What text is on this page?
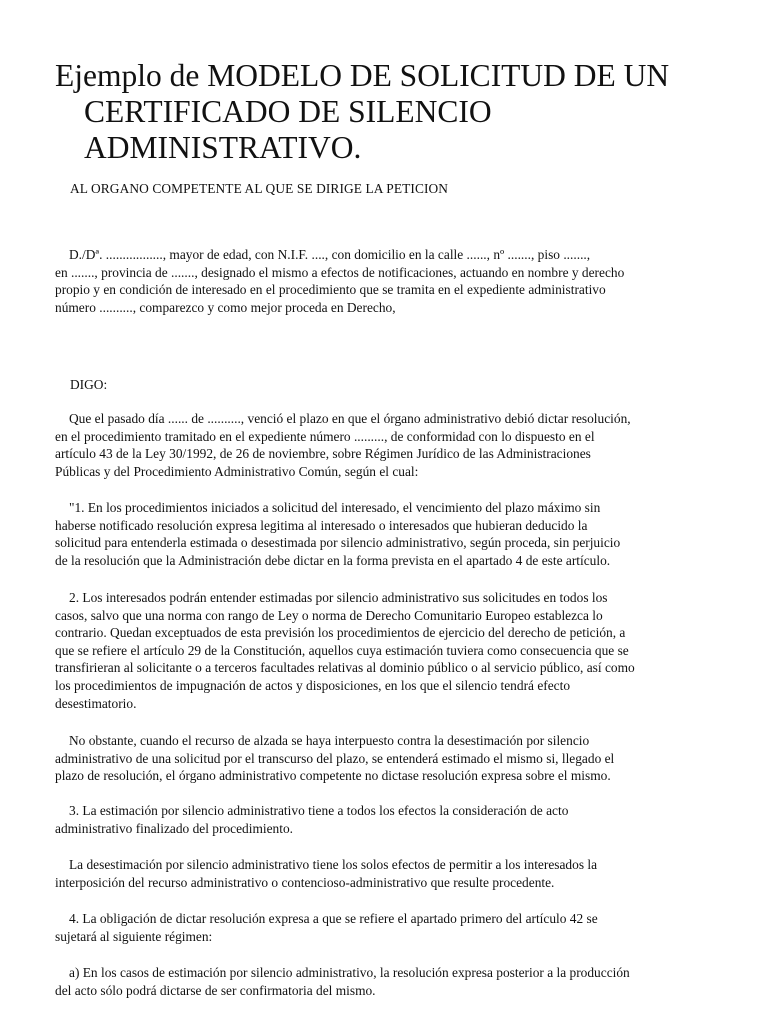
Ejemplo de MODELO DE SOLICITUD DE UN
CERTIFICADO DE SILENCIO
ADMINISTRATIVO.

AL ORGANO COMPETENTE AL QUE SE DIRIGE LA PETICION

D./Dª. ................., mayor de edad, con N.I.F. ...., con domicilio en la calle ......, nº ......., piso .......,
en ......., provincia de ......., designado el mismo a efectos de notificaciones, actuando en nombre y derecho
propio y en condición de interesado en el procedimiento que se tramita en el expediente administrativo
número .........., comparezco y como mejor proceda en Derecho,

DIGO:

Que el pasado día ...... de .........., venció el plazo en que el órgano administrativo debió dictar resolución,
en el procedimiento tramitado en el expediente número ........., de conformidad con lo dispuesto en el
artículo 43 de la Ley 30/1992, de 26 de noviembre, sobre Régimen Jurídico de las Administraciones
Públicas y del Procedimiento Administrativo Común, según el cual:

"1. En los procedimientos iniciados a solicitud del interesado, el vencimiento del plazo máximo sin
haberse notificado resolución expresa legitima al interesado o interesados que hubieran deducido la
solicitud para entenderla estimada o desestimada por silencio administrativo, según proceda, sin perjuicio
de la resolución que la Administración debe dictar en la forma prevista en el apartado 4 de este artículo.

2. Los interesados podrán entender estimadas por silencio administrativo sus solicitudes en todos los
casos, salvo que una norma con rango de Ley o norma de Derecho Comunitario Europeo establezca lo
contrario. Quedan exceptuados de esta previsión los procedimientos de ejercicio del derecho de petición, a
que se refiere el artículo 29 de la Constitución, aquellos cuya estimación tuviera como consecuencia que se
transfirieran al solicitante o a terceros facultades relativas al dominio público o al servicio público, así como
los procedimientos de impugnación de actos y disposiciones, en los que el silencio tendrá efecto
desestimatorio.

No obstante, cuando el recurso de alzada se haya interpuesto contra la desestimación por silencio
administrativo de una solicitud por el transcurso del plazo, se entenderá estimado el mismo si, llegado el
plazo de resolución, el órgano administrativo competente no dictase resolución expresa sobre el mismo.

3. La estimación por silencio administrativo tiene a todos los efectos la consideración de acto
administrativo finalizado del procedimiento.

La desestimación por silencio administrativo tiene los solos efectos de permitir a los interesados la
interposición del recurso administrativo o contencioso-administrativo que resulte procedente.

4. La obligación de dictar resolución expresa a que se refiere el apartado primero del artículo 42 se
sujetará al siguiente régimen:

a) En los casos de estimación por silencio administrativo, la resolución expresa posterior a la producción
del acto sólo podrá dictarse de ser confirmatoria del mismo.
